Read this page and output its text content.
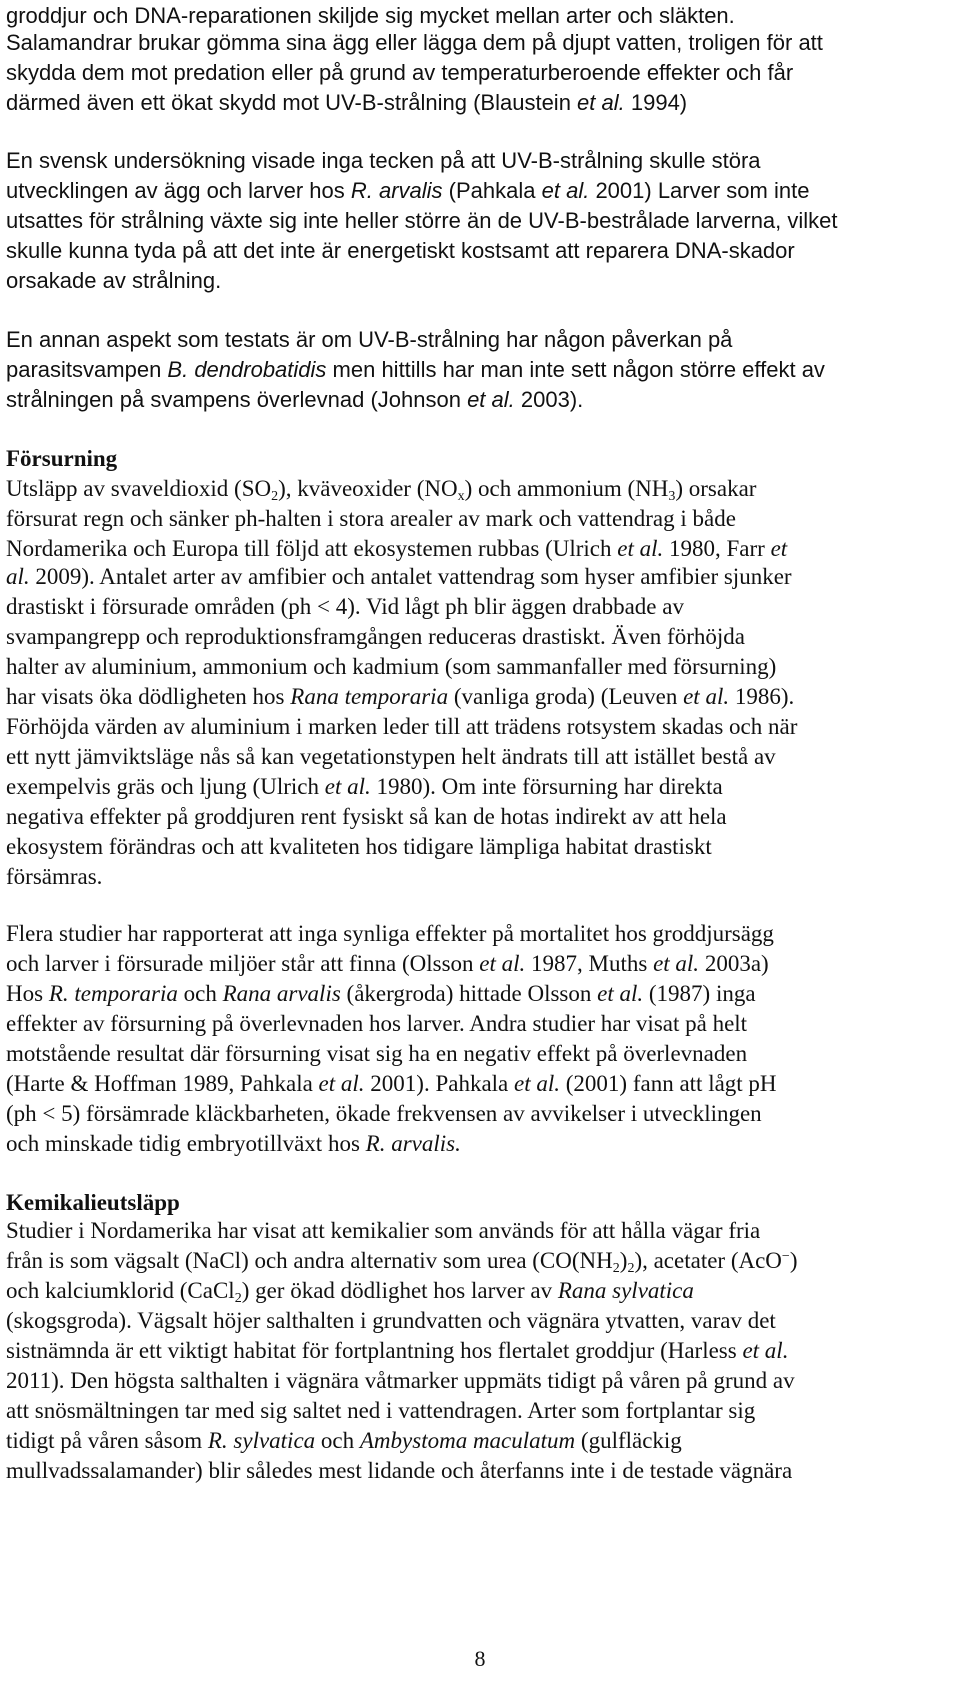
groddjur och DNA-reparationen skiljde sig mycket mellan arter och släkten.
Salamandrar brukar gömma sina ägg eller lägga dem på djupt vatten, troligen för att
skydda dem mot predation eller på grund av temperaturberoende effekter och får
därmed även ett ökat skydd mot UV-B-strålning (Blaustein et al. 1994)
En svensk undersökning visade inga tecken på att UV-B-strålning skulle störa
utvecklingen av ägg och larver hos R. arvalis (Pahkala et al. 2001) Larver som inte
utsattes för strålning växte sig inte heller större än de UV-B-bestrålade larverna, vilket
skulle kunna tyda på att det inte är energetiskt kostsamt att reparera DNA-skador
orsakade av strålning.
En annan aspekt som testats är om UV-B-strålning har någon påverkan på
parasitsvampen B. dendrobatidis men hittills har man inte sett någon större effekt av
strålningen på svampens överlevnad (Johnson et al. 2003).
Försurning
Utsläpp av svaveldioxid $(SO_2)$, kväveoxider $(NO_x)$ och ammonium $(NH_3)$ orsakar
försurat regn och sänker ph-halten i stora arealer av mark och vattendrag i både
Nordamerika och Europa till följd att ekosystemen rubbas (Ulrich et al. 1980, Farr et
al. 2009). Antalet arter av amfibier och antalet vattendrag som hyser amfibier sjunker
drastiskt i försurade områden (ph < 4). Vid lågt ph blir äggen drabbade av
svampangrepp och reproduktionsframgången reduceras drastiskt. Även förhöjda
halter av aluminium, ammonium och kadmium (som sammanfaller med försurning)
har visats öka dödligheten hos Rana temporaria (vanliga groda) (Leuven et al. 1986).
Förhöjda värden av aluminium i marken leder till att trädens rotsystem skadas och när
ett nytt jämviktsläge nås så kan vegetationstypen helt ändrats till att istället bestå av
exempelvis gräs och ljung (Ulrich et al. 1980). Om inte försurning har direkta
negativa effekter på groddjuren rent fysiskt så kan de hotas indirekt av att hela
ekosystem förändras och att kvaliteten hos tidigare lämpliga habitat drastiskt
försämras.
Flera studier har rapporterat att inga synliga effekter på mortalitet hos groddjursägg
och larver i försurade miljöer står att finna (Olsson et al. 1987, Muths et al. 2003a)
Hos R. temporaria och Rana arvalis (åkergroda) hittade Olsson et al. (1987) inga
effekter av försurning på överlevnaden hos larver. Andra studier har visat på helt
motstående resultat där försurning visat sig ha en negativ effekt på överlevnaden
(Harte & Hoffman 1989, Pahkala et al. 2001). Pahkala et al. (2001) fann att lågt pH
(ph < 5) försämrade kläckbarheten, ökade frekvensen av avvikelser i utvecklingen
och minskade tidig embryotillväxt hos R. arvalis.
Kemikalieutsläpp
Studier i Nordamerika har visat att kemikalier som används för att hålla vägar fria
från is som vägsalt (NaCl) och andra alternativ som urea $(CO(NH_2)_2)$, acetater (AcO−)
och kalciumklorid (CaCl$_2$) ger ökad dödlighet hos larver av Rana sylvatica
(skogsgroda). Vägsalt höjer salthalten i grundvatten och vägnära ytvatten, varav det
sistnämnda är ett viktigt habitat för fortplantning hos flertalet groddjur (Harless et al.
2011). Den högsta salthalten i vägnära våtmarker uppmäts tidigt på våren på grund av
att snösmältningen tar med sig saltet ned i vattendragen. Arter som fortplantar sig
tidigt på våren såsom R. sylvatica och Ambystoma maculatum (gulfläckig
mullvadssalamander) blir således mest lidande och återfanns inte i de testade vägnära
8
